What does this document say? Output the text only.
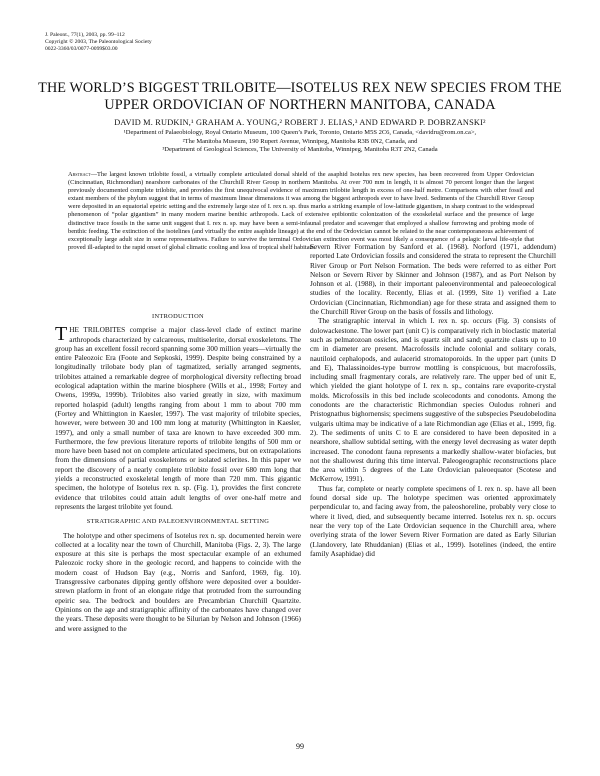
J. Paleont., 77(1), 2003, pp. 99–112
Copyright © 2003, The Paleontological Society
0022-3360/03/0077-0099$03.00
THE WORLD’S BIGGEST TRILOBITE—ISOTELUS REX NEW SPECIES FROM THE UPPER ORDOVICIAN OF NORTHERN MANITOBA, CANADA
DAVID M. RUDKIN,¹ GRAHAM A. YOUNG,² ROBERT J. ELIAS,³ AND EDWARD P. DOBRZANSKI²
¹Department of Palaeobiology, Royal Ontario Museum, 100 Queen’s Park, Toronto, Ontario M5S 2C6, Canada, <davidru@rom.on.ca>,
²The Manitoba Museum, 190 Rupert Avenue, Winnipeg, Manitoba R3B 0N2, Canada, and
³Department of Geological Sciences, The University of Manitoba, Winnipeg, Manitoba R3T 2N2, Canada
Abstract—The largest known trilobite fossil, a virtually complete articulated dorsal shield of the asaphid Isotelus rex new species, has been recovered from Upper Ordovician (Cincinnatian, Richmondian) nearshore carbonates of the Churchill River Group in northern Manitoba. At over 700 mm in length, it is almost 70 percent longer than the largest previously documented complete trilobite, and provides the first unequivocal evidence of maximum trilobite length in excess of one-half metre. Comparisons with other fossil and extant members of the phylum suggest that in terms of maximum linear dimensions it was among the biggest arthropods ever to have lived. Sediments of the Churchill River Group were deposited in an equatorial epeiric setting and the extremely large size of I. rex n. sp. thus marks a striking example of low-latitude gigantism, in sharp contrast to the widespread phenomenon of “polar gigantism” in many modern marine benthic arthropods. Lack of extensive epibiontic colonization of the exoskeletal surface and the presence of large distinctive trace fossils in the same unit suggest that I. rex n. sp. may have been a semi-infaunal predator and scavenger that employed a shallow furrowing and probing mode of benthic feeding. The extinction of the isotelines (and virtually the entire asaphide lineage) at the end of the Ordovician cannot be related to the near contemporaneous achievement of exceptionally large adult size in some representatives. Failure to survive the terminal Ordovician extinction event was most likely a consequence of a pelagic larval life-style that proved ill-adapted to the rapid onset of global climatic cooling and loss of tropical shelf habitats.
INTRODUCTION

THE TRILOBITES comprise a major class-level clade of extinct marine arthropods characterized by calcareous, multiselerite, dorsal exoskeletons. The group has an excellent fossil record spanning some 300 million years—virtually the entire Paleozoic Era (Foote and Sepkoski, 1999). Despite being constrained by a longitudinally trilobate body plan of tagmatized, serially arranged segments, trilobites attained a remarkable degree of morphological diversity reflecting broad ecological adaptation within the marine biosphere (Wills et al., 1998; Fortey and Owens, 1999a, 1999b). Trilobites also varied greatly in size, with maximum reported holaspid (adult) lengths ranging from about 1 mm to about 700 mm (Fortey and Whittington in Kaesler, 1997). The vast majority of trilobite species, however, were between 30 and 100 mm long at maturity (Whittington in Kaesler, 1997), and only a small number of taxa are known to have exceeded 300 mm. Furthermore, the few previous literature reports of trilobite lengths of 500 mm or more have been based not on complete articulated specimens, but on extrapolations from the dimensions of partial exoskeletons or isolated sclerites. In this paper we report the discovery of a nearly complete trilobite fossil over 680 mm long that yields a reconstructed exoskeletal length of more than 720 mm. This gigantic specimen, the holotype of Isotelus rex n. sp. (Fig. 1), provides the first concrete evidence that trilobites could attain adult lengths of over one-half metre and represents the largest trilobite yet found.

STRATIGRAPHIC AND PALEOENVIRONMENTAL SETTING

The holotype and other specimens of Isotelus rex n. sp. documented herein were collected at a locality near the town of Churchill, Manitoba (Figs. 2, 3). The large exposure at this site is perhaps the most spectacular example of an exhumed Paleozoic rocky shore in the geologic record, and happens to coincide with the modern coast of Hudson Bay (e.g., Norris and Sanford, 1969, fig. 10). Transgressive carbonates dipping gently offshore were deposited over a boulder-strewn platform in front of an elongate ridge that protruded from the surrounding epeiric sea. The bedrock and boulders are Precambrian Churchill Quartzite. Opinions on the age and stratigraphic affinity of the carbonates have changed over the years. These deposits were thought to be Silurian by Nelson and Johnson (1966) and were assigned to the

Severn River Formation by Sanford et al. (1968). Norford (1971, addendum) reported Late Ordovician fossils and considered the strata to represent the Churchill River Group or Port Nelson Formation. The beds were referred to as either Port Nelson or Severn River by Skinner and Johnson (1987), and as Port Nelson by Johnson et al. (1988), in their important paleoenvironmental and paleoecological studies of the locality. Recently, Elias et al. (1999, Site 1) verified a Late Ordovician (Cincinnatian, Richmondian) age for these strata and assigned them to the Churchill River Group on the basis of fossils and lithology.

The stratigraphic interval in which I. rex n. sp. occurs (Fig. 3) consists of dolowackestone. The lower part (unit C) is comparatively rich in bioclastic material such as pelmatozoan ossicles, and is quartz silt and sand; quartzite clasts up to 10 cm in diameter are present. Macrofossils include colonial and solitary corals, nautiloid cephalopods, and aulacerid stromatoporoids. In the upper part (units D and E), Thalassinoides-type burrow mottling is conspicuous, but macrofossils, including small fragmentary corals, are relatively rare. The upper bed of unit E, which yielded the giant holotype of I. rex n. sp., contains rare evaporite-crystal molds. Microfossils in this bed include scolecodonts and conodonts. Among the conodonts are the characteristic Richmondian species Oulodus rohneri and Pristognathus bighornensis; specimens suggestive of the subspecies Pseudobelodina vulgaris ultima may be indicative of a late Richmondian age (Elias et al., 1999, fig. 2). The sediments of units C to E are considered to have been deposited in a nearshore, shallow subtidal setting, with the energy level decreasing as water depth increased. The conodont fauna represents a markedly shallow-water biofacies, but not the shallowest during this time interval. Paleogeographic reconstructions place the area within 5 degrees of the Late Ordovician paleoequator (Scotese and McKerrow, 1991).

Thus far, complete or nearly complete specimens of I. rex n. sp. have all been found dorsal side up. The holotype specimen was oriented approximately perpendicular to, and facing away from, the paleoshoreline, probably very close to where it lived, died, and subsequently became interred. Isotelus rex n. sp. occurs near the very top of the Late Ordovician sequence in the Churchill area, where overlying strata of the lower Severn River Formation are dated as Early Silurian (Llandovery, late Rhuddanian) (Elias et al., 1999). Isotelines (indeed, the entire family Asaphidae) did

99
